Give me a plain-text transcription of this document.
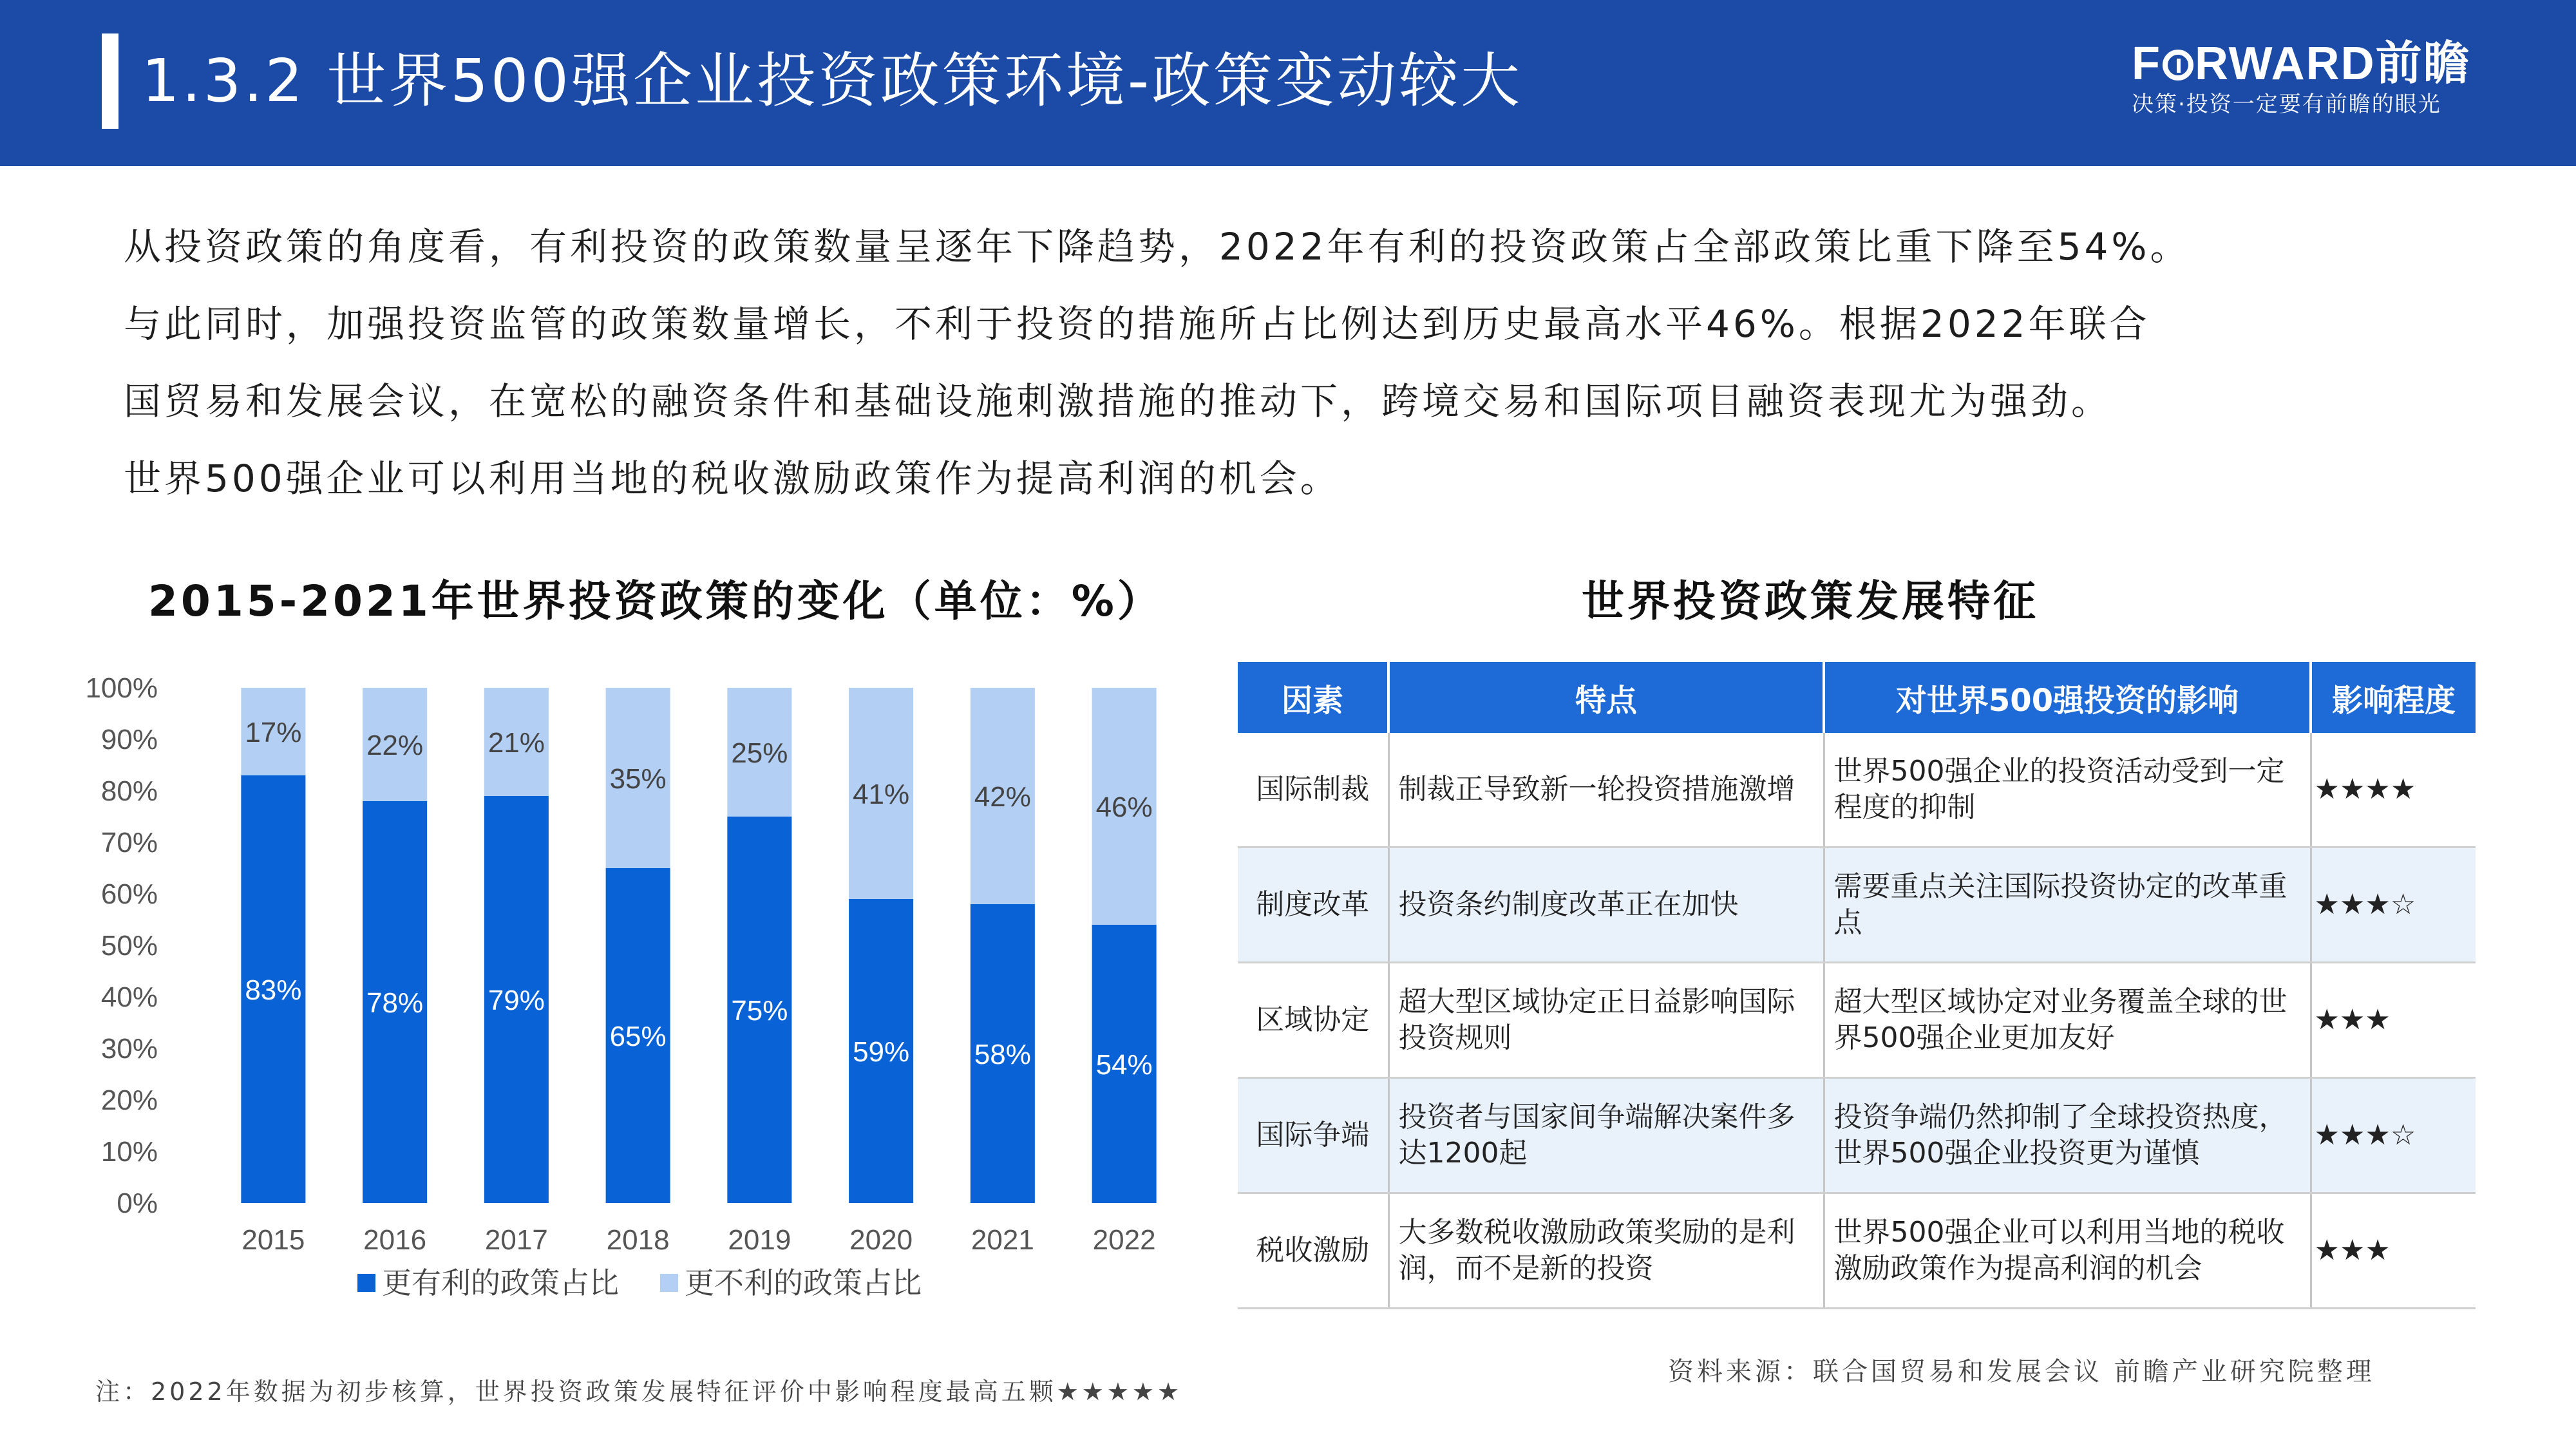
1.3.2 世界500强企业投资政策环境-政策变动较大	F RWARD前瞻
决策·投资一定要有前瞻的眼光
从投资政策的角度看，有利投资的政策数量呈逐年下降趋势，2022年有利的投资政策占全部政策比重下降至54%。
与此同时，加强投资监管的政策数量增长，不利于投资的措施所占比例达到历史最高水平46%。根据2022年联合
国贸易和发展会议，在宽松的融资条件和基础设施刺激措施的推动下，跨境交易和国际项目融资表现尤为强劲。
世界500强企业可以利用当地的税收激励政策作为提高利润的机会。
2015-2021年世界投资政策的变化（单位：%）
0%
10%
20%
30%
40%
50%
60%
70%
80%
90%
100%
83%
17%
2015
78%
22%
2016
79%
21%
2017
65%
35%
2018
75%
25%
2019
59%
41%
2020
58%
42%
2021
54%
46%
2022
更有利的政策占比 更不利的政策占比
世界投资政策发展特征
因素	特点	对世界500强投资的影响	影响程度
国际制裁	制裁正导致新一轮投资措施激增	世界500强企业的投资活动受到一定程度的抑制	★★★★
制度改革	投资条约制度改革正在加快	需要重点关注国际投资协定的改革重点	★★★☆
区域协定	超大型区域协定正日益影响国际投资规则	超大型区域协定对业务覆盖全球的世界500强企业更加友好	★★★
国际争端	投资者与国家间争端解决案件多达1200起	投资争端仍然抑制了全球投资热度，世界500强企业投资更为谨慎	★★★☆
税收激励	大多数税收激励政策奖励的是利润，而不是新的投资	世界500强企业可以利用当地的税收激励政策作为提高利润的机会	★★★
注：2022年数据为初步核算，世界投资政策发展特征评价中影响程度最高五颗★★★★★
资料来源：联合国贸易和发展会议 前瞻产业研究院整理
